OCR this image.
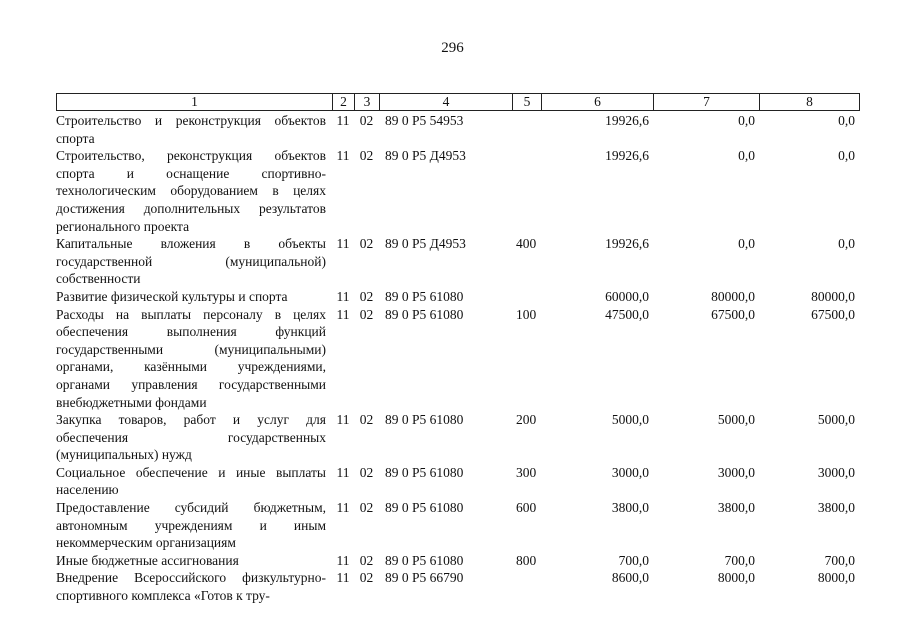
296
1	2	3	4	5	6	7	8
Строительство и реконструкция объектов спорта	11	02	89 0 P5 54953		19926,6	0,0	0,0
Строительство, реконструкция объектов спорта и оснащение спортивно-технологическим оборудованием в целях достижения дополнительных результатов регионального проекта	11	02	89 0 P5 Д4953		19926,6	0,0	0,0
Капитальные вложения в объекты государственной (муниципальной) собственности	11	02	89 0 P5 Д4953	400	19926,6	0,0	0,0
Развитие физической культуры и спорта	11	02	89 0 P5 61080		60000,0	80000,0	80000,0
Расходы на выплаты персоналу в целях обеспечения выполнения функций государственными (муниципальными) органами, казёнными учреждениями, органами управления государственными внебюджетными фондами	11	02	89 0 P5 61080	100	47500,0	67500,0	67500,0
Закупка товаров, работ и услуг для обеспечения государственных (муниципальных) нужд	11	02	89 0 P5 61080	200	5000,0	5000,0	5000,0
Социальное обеспечение и иные выплаты населению	11	02	89 0 P5 61080	300	3000,0	3000,0	3000,0
Предоставление субсидий бюджетным, автономным учреждениям и иным некоммерческим организациям	11	02	89 0 P5 61080	600	3800,0	3800,0	3800,0
Иные бюджетные ассигнования	11	02	89 0 P5 61080	800	700,0	700,0	700,0
Внедрение Всероссийского физкультурно-спортивного комплекса «Готов к тру-	11	02	89 0 P5 66790		8600,0	8000,0	8000,0
